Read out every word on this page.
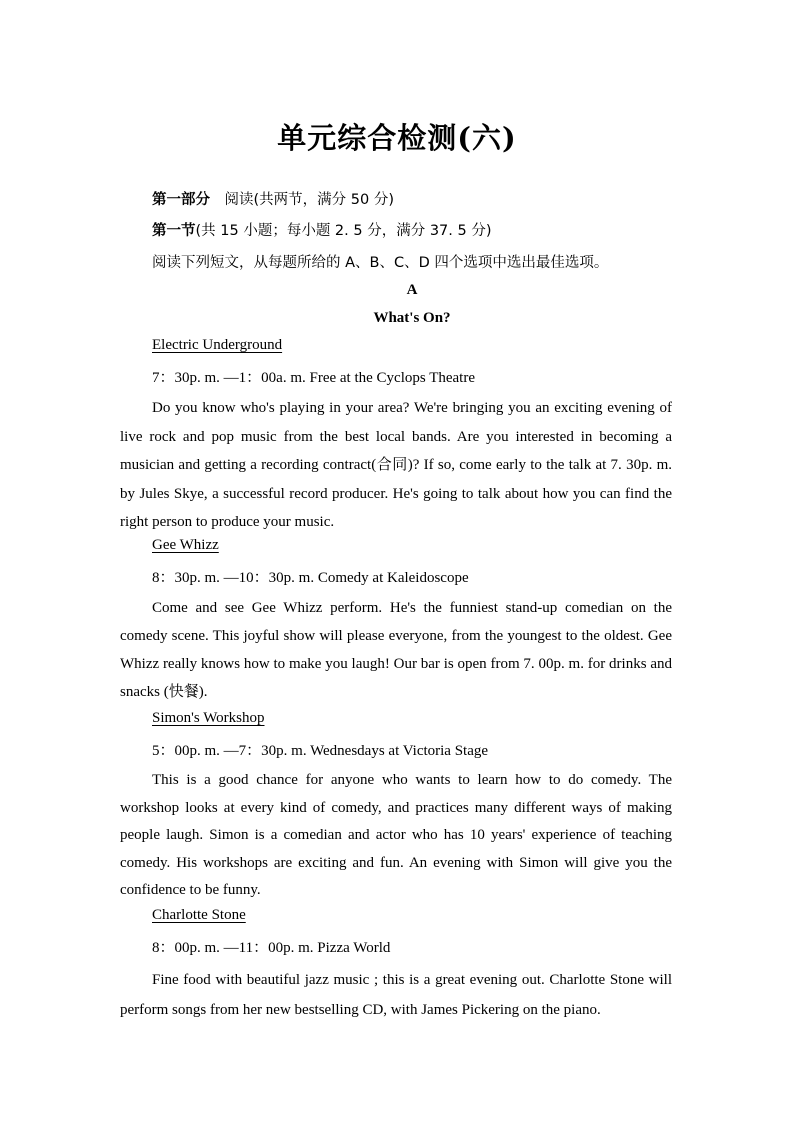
单元综合检测(六)
第一部分　阅读(共两节，满分 50 分)
第一节(共 15 小题；每小题 2. 5 分，满分 37. 5 分)
阅读下列短文，从每题所给的 A、B、C、D 四个选项中选出最佳选项。
A
What's On?
Electric Underground
7：30p. m. —1：00a. m. Free at the Cyclops Theatre
Do you know who's playing in your area? We're bringing you an exciting evening of live rock and pop music from the best local bands. Are you interested in becoming a musician and getting a recording contract(合同)? If so, come early to the talk at 7. 30p. m. by Jules Skye, a successful record producer. He's going to talk about how you can find the right person to produce your music.
Gee Whizz
8：30p. m. —10：30p. m. Comedy at Kaleidoscope
Come and see Gee Whizz perform. He's the funniest stand-up comedian on the comedy scene. This joyful show will please everyone, from the youngest to the oldest. Gee Whizz really knows how to make you laugh! Our bar is open from 7. 00p. m. for drinks and snacks (快餐).
Simon's Workshop
5：00p. m. —7：30p. m. Wednesdays at Victoria Stage
This is a good chance for anyone who wants to learn how to do comedy. The workshop looks at every kind of comedy, and practices many different ways of making people laugh. Simon is a comedian and actor who has 10 years' experience of teaching comedy. His workshops are exciting and fun. An evening with Simon will give you the confidence to be funny.
Charlotte Stone
8：00p. m. —11：00p. m. Pizza World
Fine food with beautiful jazz music ; this is a great evening out. Charlotte Stone will perform songs from her new bestselling CD, with James Pickering on the piano.
